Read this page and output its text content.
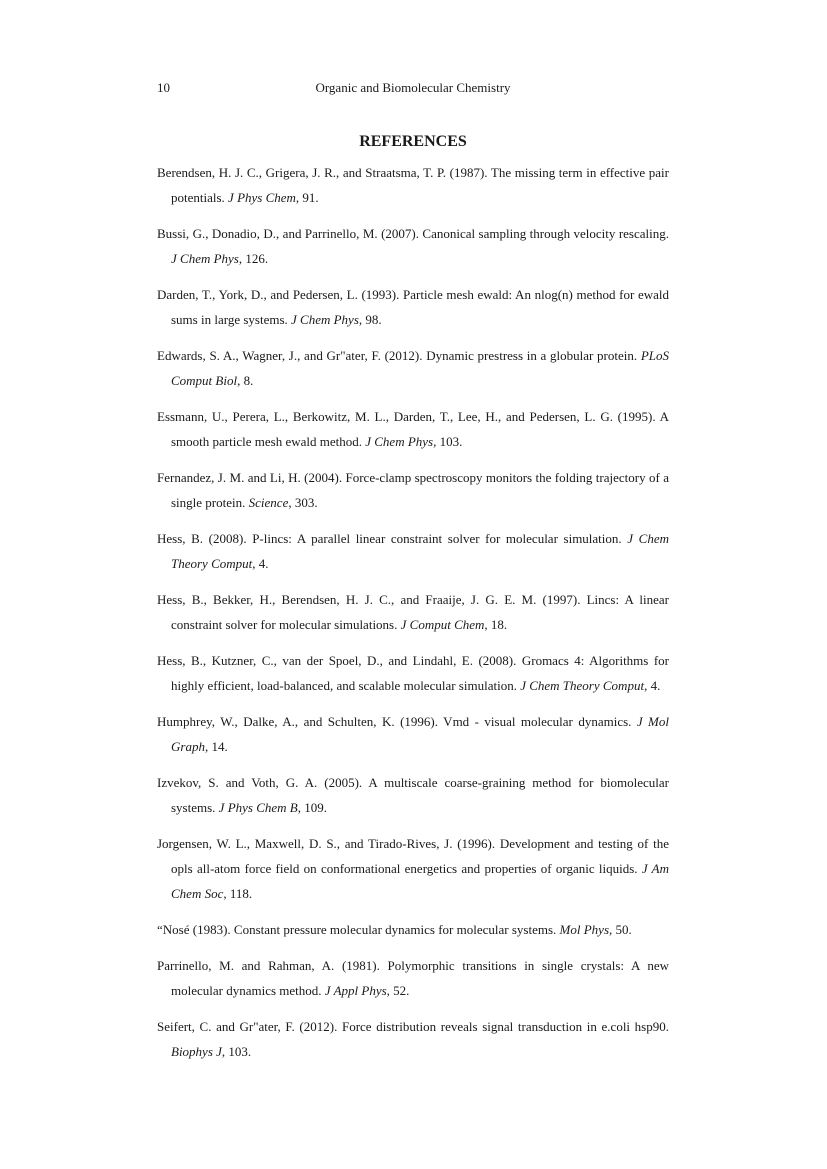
10	Organic and Biomolecular Chemistry
REFERENCES
Berendsen, H. J. C., Grigera, J. R., and Straatsma, T. P. (1987). The missing term in effective pair potentials. J Phys Chem, 91.
Bussi, G., Donadio, D., and Parrinello, M. (2007). Canonical sampling through velocity rescaling. J Chem Phys, 126.
Darden, T., York, D., and Pedersen, L. (1993). Particle mesh ewald: An nlog(n) method for ewald sums in large systems. J Chem Phys, 98.
Edwards, S. A., Wagner, J., and Gr"ater, F. (2012). Dynamic prestress in a globular protein. PLoS Comput Biol, 8.
Essmann, U., Perera, L., Berkowitz, M. L., Darden, T., Lee, H., and Pedersen, L. G. (1995). A smooth particle mesh ewald method. J Chem Phys, 103.
Fernandez, J. M. and Li, H. (2004). Force-clamp spectroscopy monitors the folding trajectory of a single protein. Science, 303.
Hess, B. (2008). P-lincs: A parallel linear constraint solver for molecular simulation. J Chem Theory Comput, 4.
Hess, B., Bekker, H., Berendsen, H. J. C., and Fraaije, J. G. E. M. (1997). Lincs: A linear constraint solver for molecular simulations. J Comput Chem, 18.
Hess, B., Kutzner, C., van der Spoel, D., and Lindahl, E. (2008). Gromacs 4: Algorithms for highly efficient, load-balanced, and scalable molecular simulation. J Chem Theory Comput, 4.
Humphrey, W., Dalke, A., and Schulten, K. (1996). Vmd - visual molecular dynamics. J Mol Graph, 14.
Izvekov, S. and Voth, G. A. (2005). A multiscale coarse-graining method for biomolecular systems. J Phys Chem B, 109.
Jorgensen, W. L., Maxwell, D. S., and Tirado-Rives, J. (1996). Development and testing of the opls all-atom force field on conformational energetics and properties of organic liquids. J Am Chem Soc, 118.
“Nosé (1983). Constant pressure molecular dynamics for molecular systems. Mol Phys, 50.
Parrinello, M. and Rahman, A. (1981). Polymorphic transitions in single crystals: A new molecular dynamics method. J Appl Phys, 52.
Seifert, C. and Gr"ater, F. (2012). Force distribution reveals signal transduction in e.coli hsp90. Biophys J, 103.
